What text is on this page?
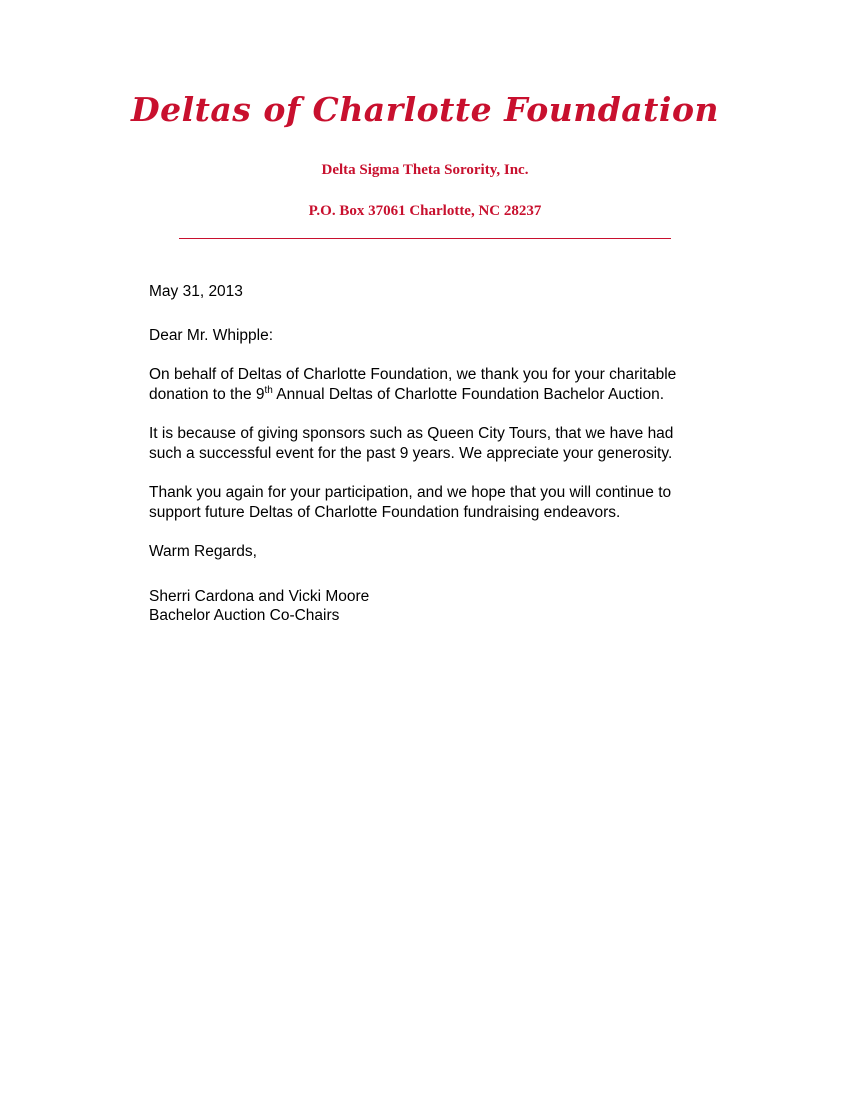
Deltas of Charlotte Foundation
Delta Sigma Theta Sorority, Inc.
P.O. Box 37061 Charlotte, NC 28237

May 31, 2013

Dear Mr. Whipple:

On behalf of Deltas of Charlotte Foundation, we thank you for your charitable donation to the 9th Annual Deltas of Charlotte Foundation Bachelor Auction.

It is because of giving sponsors such as Queen City Tours, that we have had such a successful event for the past 9 years. We appreciate your generosity.

Thank you again for your participation, and we hope that you will continue to support future Deltas of Charlotte Foundation fundraising endeavors.

Warm Regards,

Sherri Cardona and Vicki Moore

Bachelor Auction Co-Chairs
